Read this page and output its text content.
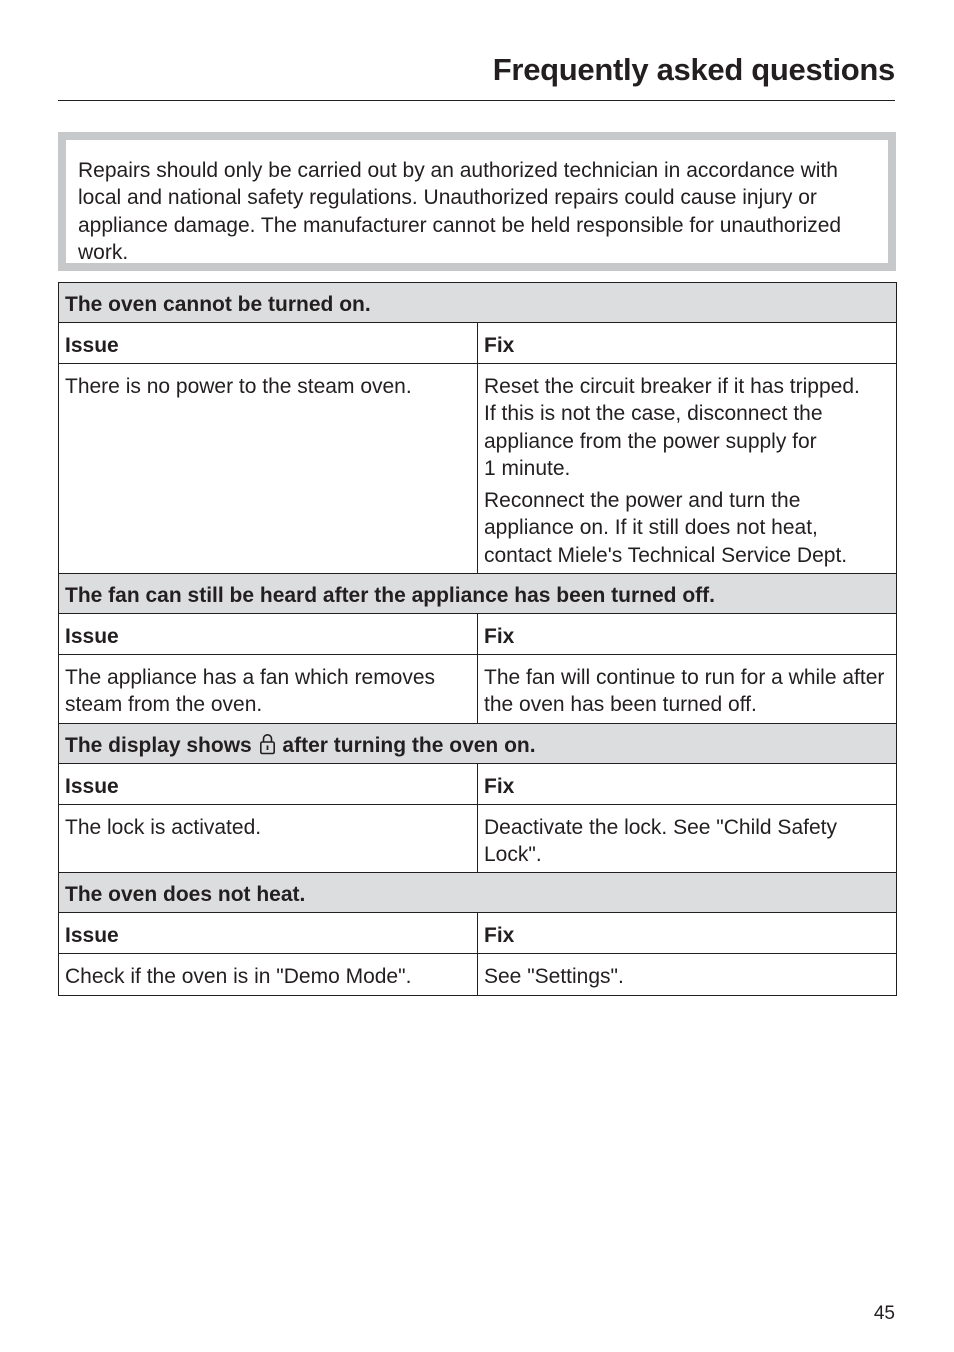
Frequently asked questions
Repairs should only be carried out by an authorized technician in accordance with local and national safety regulations. Unauthorized repairs could cause injury or appliance damage. The manufacturer cannot be held responsible for unauthorized work.
The oven cannot be turned on.	
Issue	Fix
There is no power to the steam oven.	Reset the circuit breaker if it has tripped.
If this is not the case, disconnect the appliance from the power supply for
1 minute.

Reconnect the power and turn the appliance on. If it still does not heat, contact Miele's Technical Service Dept.

The fan can still be heard after the appliance has been turned off.	
Issue	Fix
The appliance has a fan which removes steam from the oven.	The fan will continue to run for a while after the oven has been turned off.
The display shows after turning the oven on.	
Issue	Fix
The lock is activated.	Deactivate the lock. See "Child Safety Lock".
The oven does not heat.	
Issue	Fix
Check if the oven is in "Demo Mode".	See "Settings".
45
